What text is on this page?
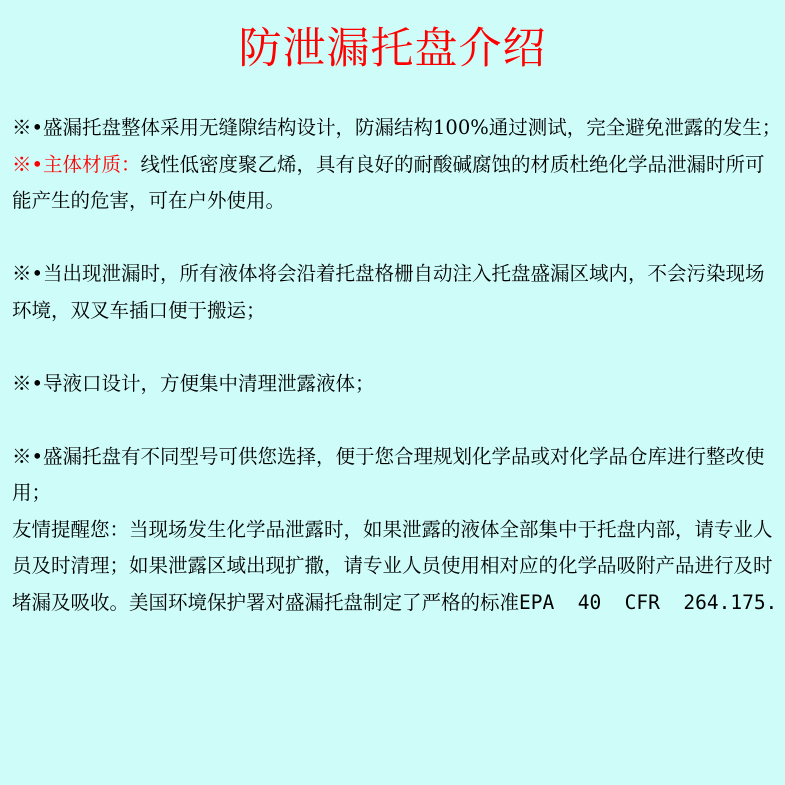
防泄漏托盘介绍

※•盛漏托盘整体采用无缝隙结构设计，防漏结构100%通过测试，完全避免泄露的发生；

※•主体材质：线性低密度聚乙烯，具有良好的耐酸碱腐蚀的材质杜绝化学品泄漏时所可能产生的危害，可在户外使用。

※•当出现泄漏时，所有液体将会沿着托盘格栅自动注入托盘盛漏区域内，不会污染现场环境，双叉车插口便于搬运；

※•导液口设计，方便集中清理泄露液体；

※•盛漏托盘有不同型号可供您选择，便于您合理规划化学品或对化学品仓库进行整改使用；

友情提醒您：当现场发生化学品泄露时，如果泄露的液体全部集中于托盘内部，请专业人员及时清理；如果泄露区域出现扩撒，请专业人员使用相对应的化学品吸附产品进行及时堵漏及吸收。美国环境保护署对盛漏托盘制定了严格的标准EPA  40  CFR  264.175.
